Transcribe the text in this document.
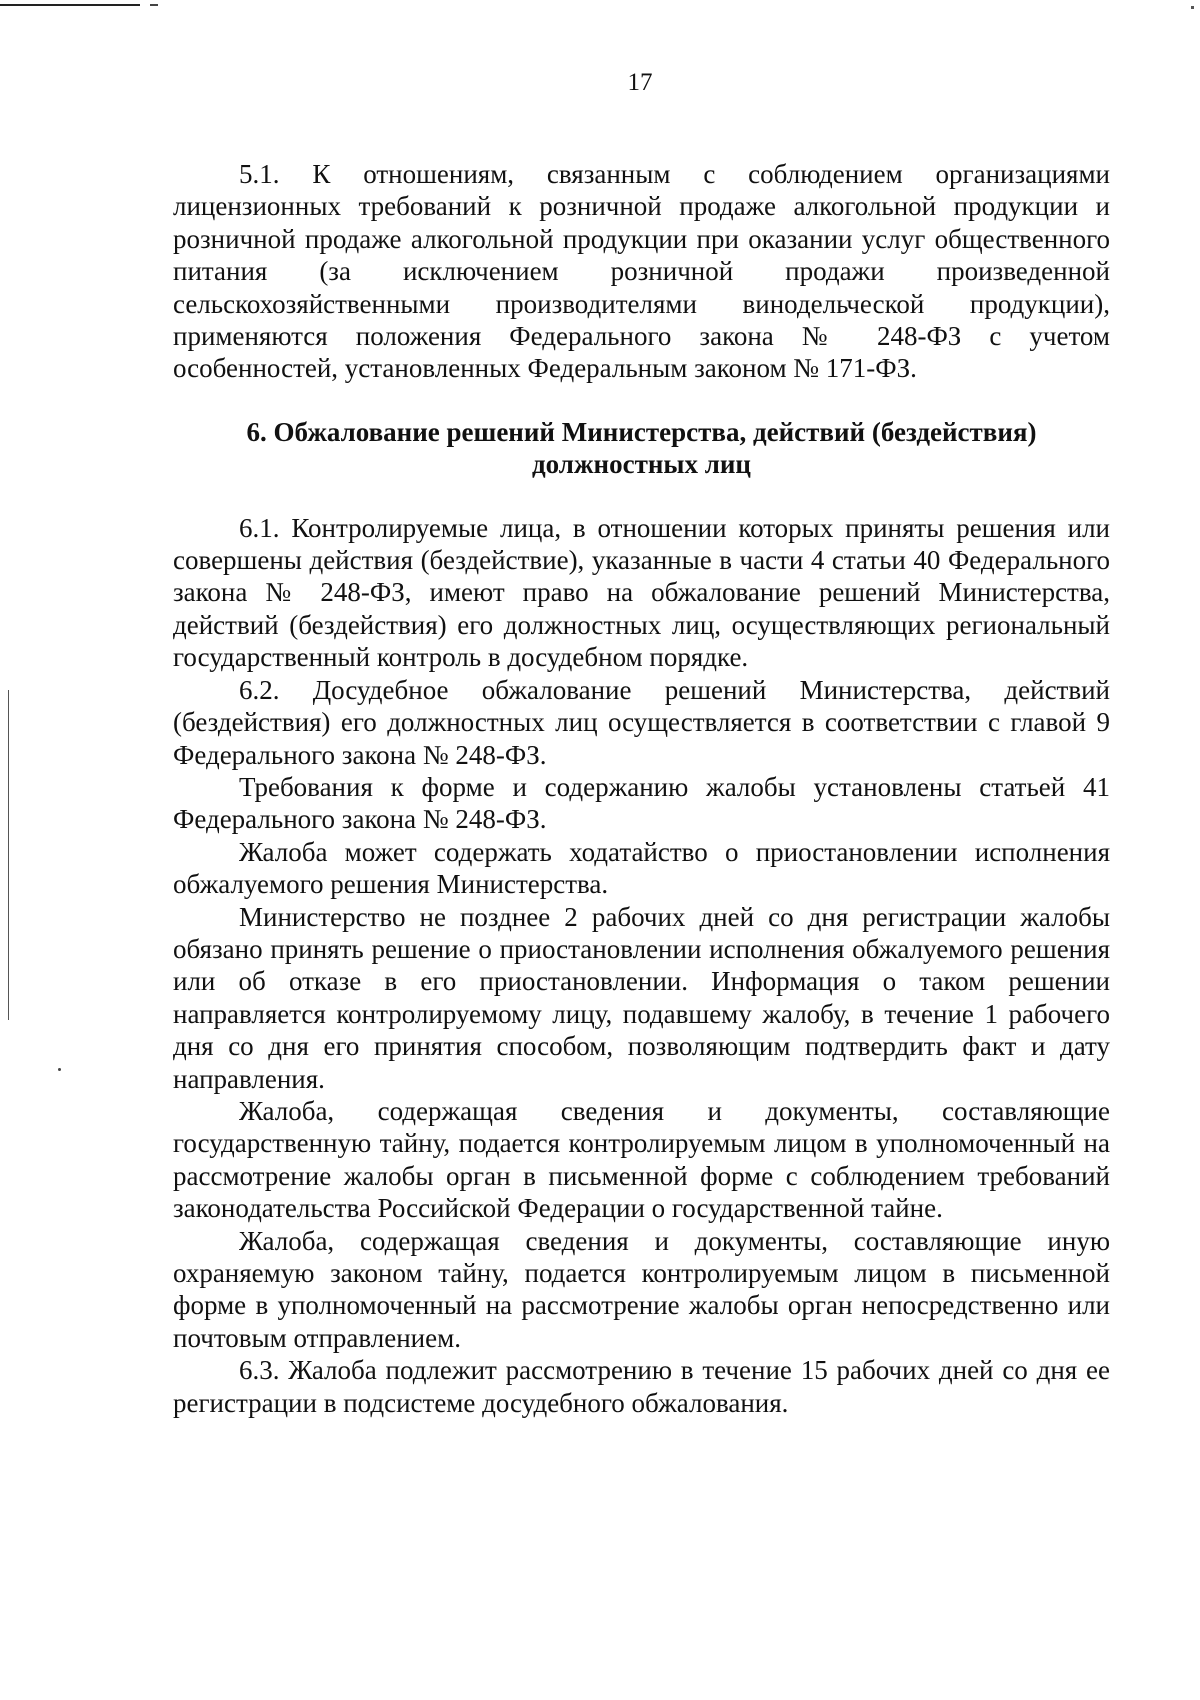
17

5.1. К отношениям, связанным с соблюдением организациями лицензионных требований к розничной продаже алкогольной продукции и розничной продаже алкогольной продукции при оказании услуг общественного питания (за исключением розничной продажи произведенной сельскохозяйственными производителями винодельческой продукции), применяются положения Федерального закона № 248-ФЗ с учетом особенностей, установленных Федеральным законом № 171-ФЗ.

6. Обжалование решений Министерства, действий (бездействия)
должностных лиц

6.1. Контролируемые лица, в отношении которых приняты решения или совершены действия (бездействие), указанные в части 4 статьи 40 Федерального закона № 248-ФЗ, имеют право на обжалование решений Министерства, действий (бездействия) его должностных лиц, осуществляющих региональный государственный контроль в досудебном порядке.

6.2. Досудебное обжалование решений Министерства, действий (бездействия) его должностных лиц осуществляется в соответствии с главой 9 Федерального закона № 248-ФЗ.

Требования к форме и содержанию жалобы установлены статьей 41 Федерального закона № 248-ФЗ.

Жалоба может содержать ходатайство о приостановлении исполнения обжалуемого решения Министерства.

Министерство не позднее 2 рабочих дней со дня регистрации жалобы обязано принять решение о приостановлении исполнения обжалуемого решения или об отказе в его приостановлении. Информация о таком решении направляется контролируемому лицу, подавшему жалобу, в течение 1 рабочего дня со дня его принятия способом, позволяющим подтвердить факт и дату направления.

Жалоба, содержащая сведения и документы, составляющие государственную тайну, подается контролируемым лицом в уполномоченный на рассмотрение жалобы орган в письменной форме с соблюдением требований законодательства Российской Федерации о государственной тайне.

Жалоба, содержащая сведения и документы, составляющие иную охраняемую законом тайну, подается контролируемым лицом в письменной форме в уполномоченный на рассмотрение жалобы орган непосредственно или почтовым отправлением.

6.3. Жалоба подлежит рассмотрению в течение 15 рабочих дней со дня ее регистрации в подсистеме досудебного обжалования.
